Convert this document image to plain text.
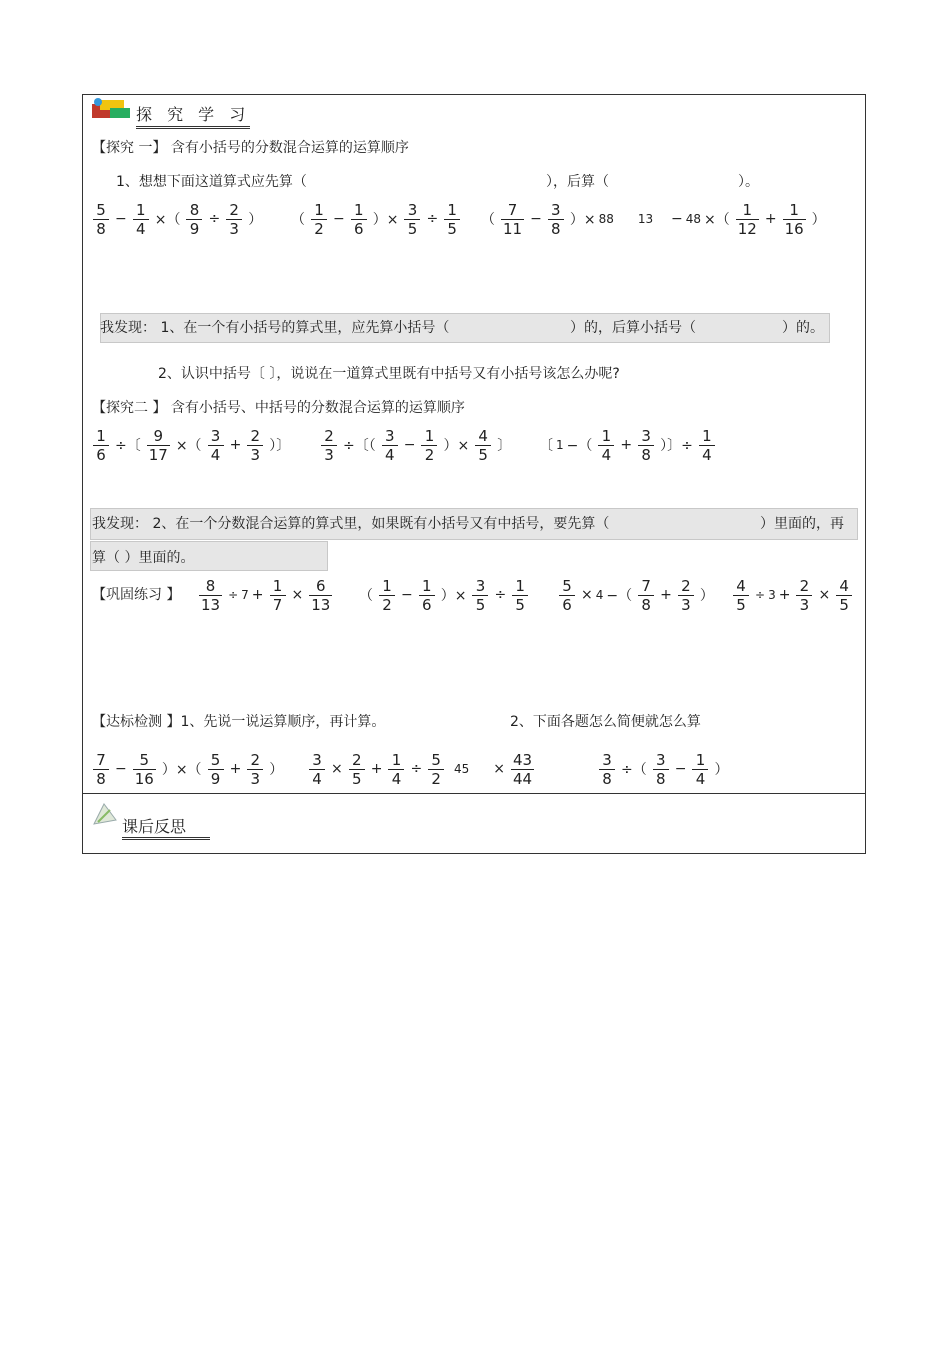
探 究 学 习
【探究 一】 含有小括号的分数混合运算的运算顺序
1、想想下面这道算式应先算（	），后算（	）。
5
8
−
1
4 ×（
8
9
÷
2
3 ） （
1
2
−
1
6 ）×
3
5
÷
1
5 （
7
11
−
3
8 ）× 88 13 − 48 ×（
1
12
+
1
16 ）
我发现： 1、在一个有小括号的算式里，应先算小括号（	）的，后算小括号（	）的。
2、认识中括号〔 〕，说说在一道算式里既有中括号又有小括号该怎么办呢?
【探究二 】 含有小括号、中括号的分数混合运算的运算顺序
1
6 ÷〔
9
17 ×（
3
4
+
2
3 ）〕
2
3 ÷〔（
3
4
−
1
2 ）×
4
5 〕 〔 1 −（
1
4
+
3
8 ）〕÷
1
4
我发现： 2、在一个分数混合运算的算式里，如果既有小括号又有中括号，要先算（	）里面的，再
算（ ）里面的。
【巩固练习 】
8
13
÷ 7 +
1
7
×
6
13 （
1
2
−
1
6 ）×
3
5
÷
1
5
5
6
× 4 −（
7
8
+
2
3 ）
4
5
÷ 3 +
2
3
×
4
5
【达标检测 】1、先说一说运算顺序，再计算。	2、下面各题怎么简便就怎么算
7
8
−
5
16 ）×（
5
9
+
2
3 ）
3
4
×
2
5
+
1
4
÷
5
2
45 ×
43
44
3
8 ÷（
3
8
−
1
4 ）
课后反思
